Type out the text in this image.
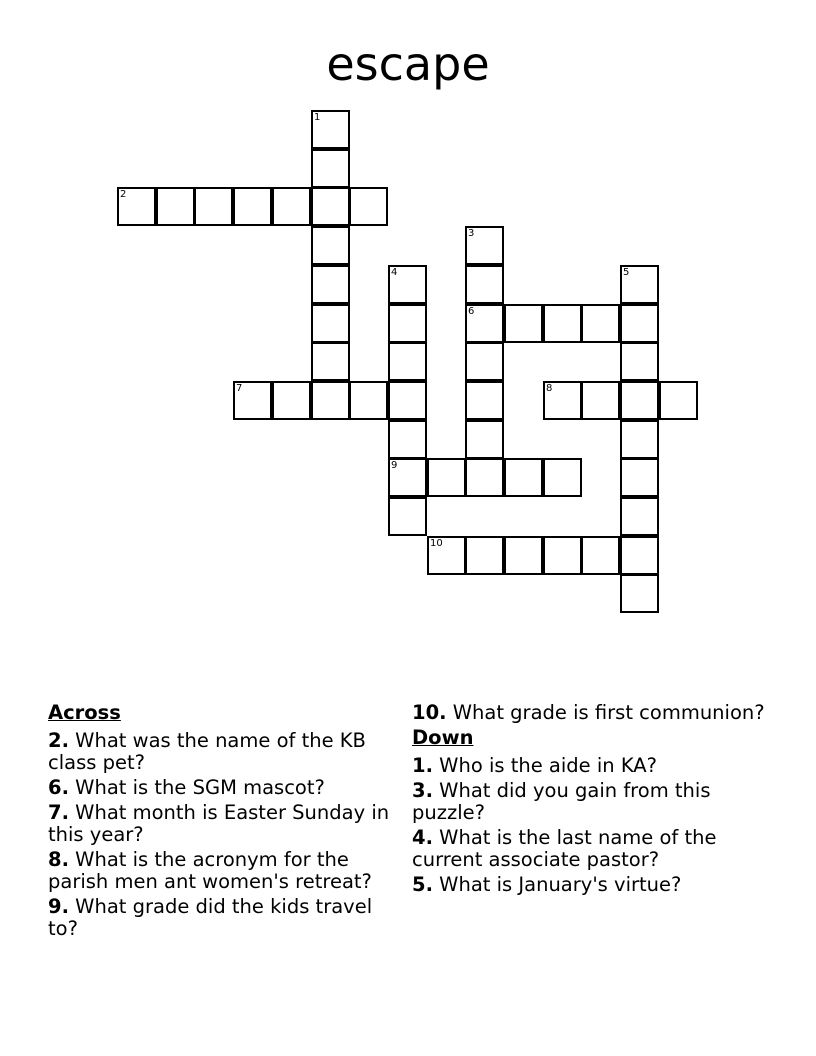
escape
1
2
3
6
4
9
5
7	8
10
Across
2. What was the name of the KB class pet?
6. What is the SGM mascot?
7. What month is Easter Sunday in this year?
8. What is the acronym for the parish men ant women's retreat?
9. What grade did the kids travel to?
10. What grade is first communion?
Down
1. Who is the aide in KA?
3. What did you gain from this puzzle?
4. What is the last name of the current associate pastor?
5. What is January's virtue?
